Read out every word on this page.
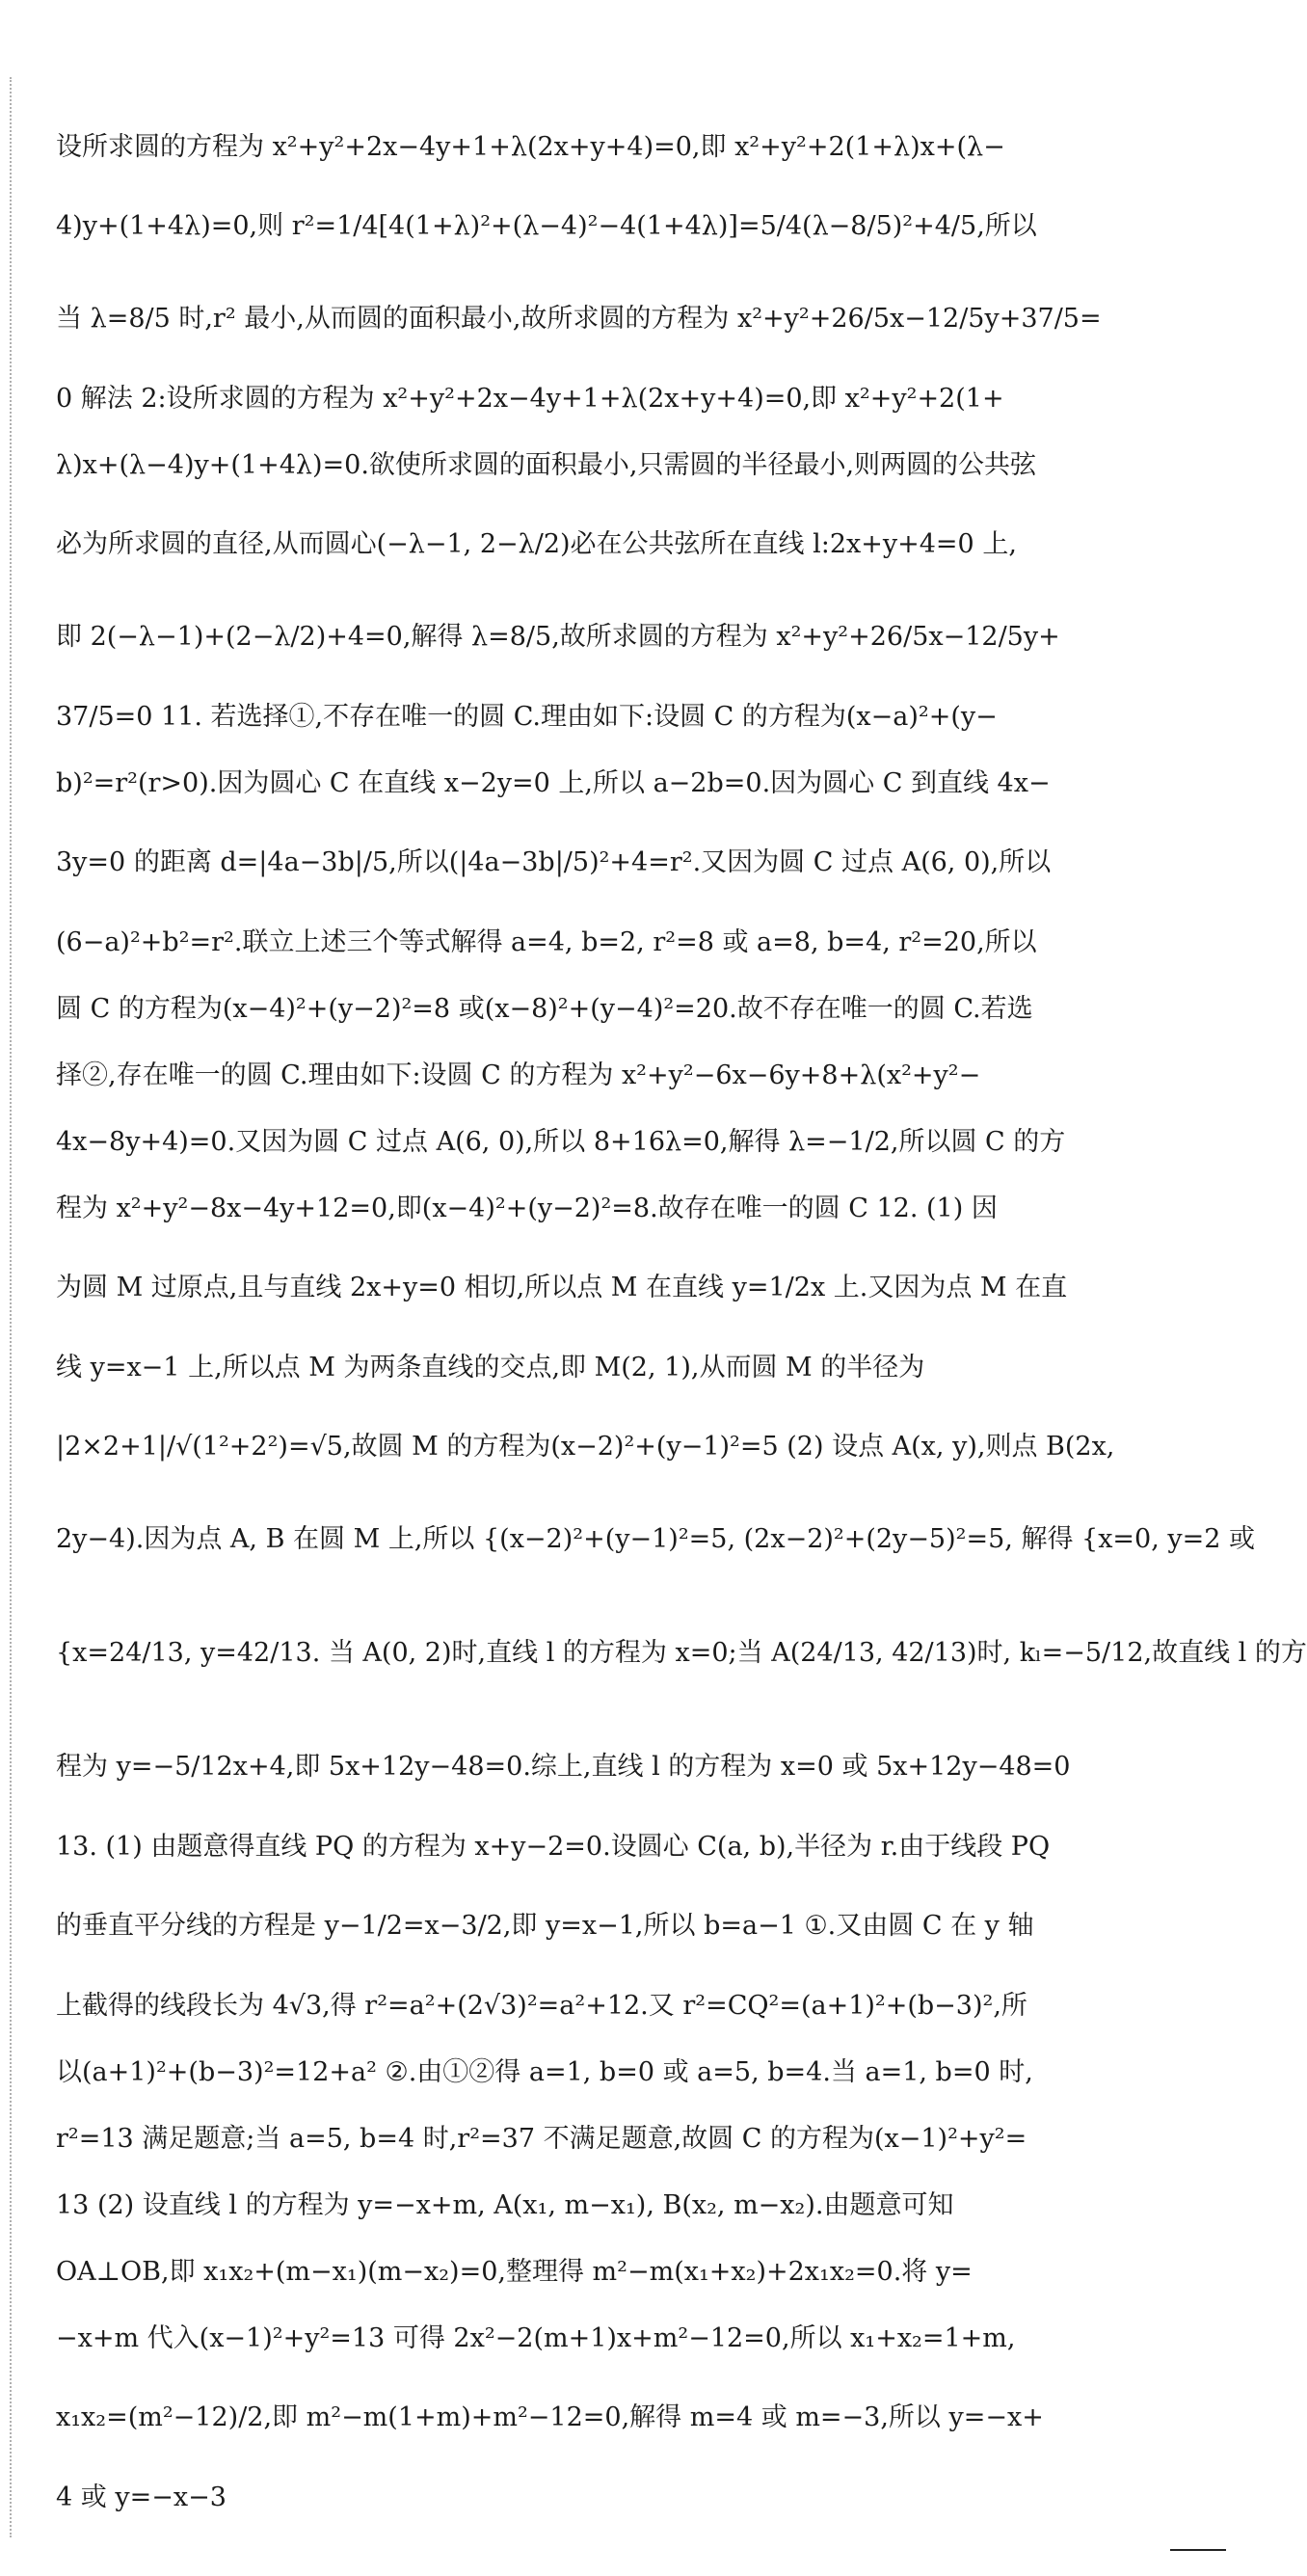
设所求圆的方程为 x²+y²+2x−4y+1+λ(2x+y+4)=0,即 x²+y²+2(1+λ)x+(λ−
4)y+(1+4λ)=0,则 r²=1/4[4(1+λ)²+(λ−4)²−4(1+4λ)]=5/4(λ−8/5)²+4/5,所以
当 λ=8/5 时,r² 最小,从而圆的面积最小,故所求圆的方程为 x²+y²+26/5x−12/5y+37/5=
0 解法 2:设所求圆的方程为 x²+y²+2x−4y+1+λ(2x+y+4)=0,即 x²+y²+2(1+
λ)x+(λ−4)y+(1+4λ)=0.欲使所求圆的面积最小,只需圆的半径最小,则两圆的公共弦
必为所求圆的直径,从而圆心(−λ−1, 2−λ/2)必在公共弦所在直线 l:2x+y+4=0 上,
即 2(−λ−1)+(2−λ/2)+4=0,解得 λ=8/5,故所求圆的方程为 x²+y²+26/5x−12/5y+
37/5=0 11. 若选择①,不存在唯一的圆 C.理由如下:设圆 C 的方程为(x−a)²+(y−
b)²=r²(r>0).因为圆心 C 在直线 x−2y=0 上,所以 a−2b=0.因为圆心 C 到直线 4x−
3y=0 的距离 d=|4a−3b|/5,所以(|4a−3b|/5)²+4=r².又因为圆 C 过点 A(6, 0),所以
(6−a)²+b²=r².联立上述三个等式解得 a=4, b=2, r²=8 或 a=8, b=4, r²=20,所以
圆 C 的方程为(x−4)²+(y−2)²=8 或(x−8)²+(y−4)²=20.故不存在唯一的圆 C.若选
择②,存在唯一的圆 C.理由如下:设圆 C 的方程为 x²+y²−6x−6y+8+λ(x²+y²−
4x−8y+4)=0.又因为圆 C 过点 A(6, 0),所以 8+16λ=0,解得 λ=−1/2,所以圆 C 的方
程为 x²+y²−8x−4y+12=0,即(x−4)²+(y−2)²=8.故存在唯一的圆 C 12. (1) 因
为圆 M 过原点,且与直线 2x+y=0 相切,所以点 M 在直线 y=1/2x 上.又因为点 M 在直
线 y=x−1 上,所以点 M 为两条直线的交点,即 M(2, 1),从而圆 M 的半径为
|2×2+1|/√(1²+2²)=√5,故圆 M 的方程为(x−2)²+(y−1)²=5 (2) 设点 A(x, y),则点 B(2x,
2y−4).因为点 A, B 在圆 M 上,所以 {(x−2)²+(y−1)²=5, (2x−2)²+(2y−5)²=5, 解得 {x=0, y=2 或
{x=24/13, y=42/13. 当 A(0, 2)时,直线 l 的方程为 x=0;当 A(24/13, 42/13)时, kₗ=−5/12,故直线 l 的方
程为 y=−5/12x+4,即 5x+12y−48=0.综上,直线 l 的方程为 x=0 或 5x+12y−48=0
13. (1) 由题意得直线 PQ 的方程为 x+y−2=0.设圆心 C(a, b),半径为 r.由于线段 PQ
的垂直平分线的方程是 y−1/2=x−3/2,即 y=x−1,所以 b=a−1 ①.又由圆 C 在 y 轴
上截得的线段长为 4√3,得 r²=a²+(2√3)²=a²+12.又 r²=CQ²=(a+1)²+(b−3)²,所
以(a+1)²+(b−3)²=12+a² ②.由①②得 a=1, b=0 或 a=5, b=4.当 a=1, b=0 时,
r²=13 满足题意;当 a=5, b=4 时,r²=37 不满足题意,故圆 C 的方程为(x−1)²+y²=
13 (2) 设直线 l 的方程为 y=−x+m, A(x₁, m−x₁), B(x₂, m−x₂).由题意可知
OA⊥OB,即 x₁x₂+(m−x₁)(m−x₂)=0,整理得 m²−m(x₁+x₂)+2x₁x₂=0.将 y=
−x+m 代入(x−1)²+y²=13 可得 2x²−2(m+1)x+m²−12=0,所以 x₁+x₂=1+m,
x₁x₂=(m²−12)/2,即 m²−m(1+m)+m²−12=0,解得 m=4 或 m=−3,所以 y=−x+
4 或 y=−x−3
